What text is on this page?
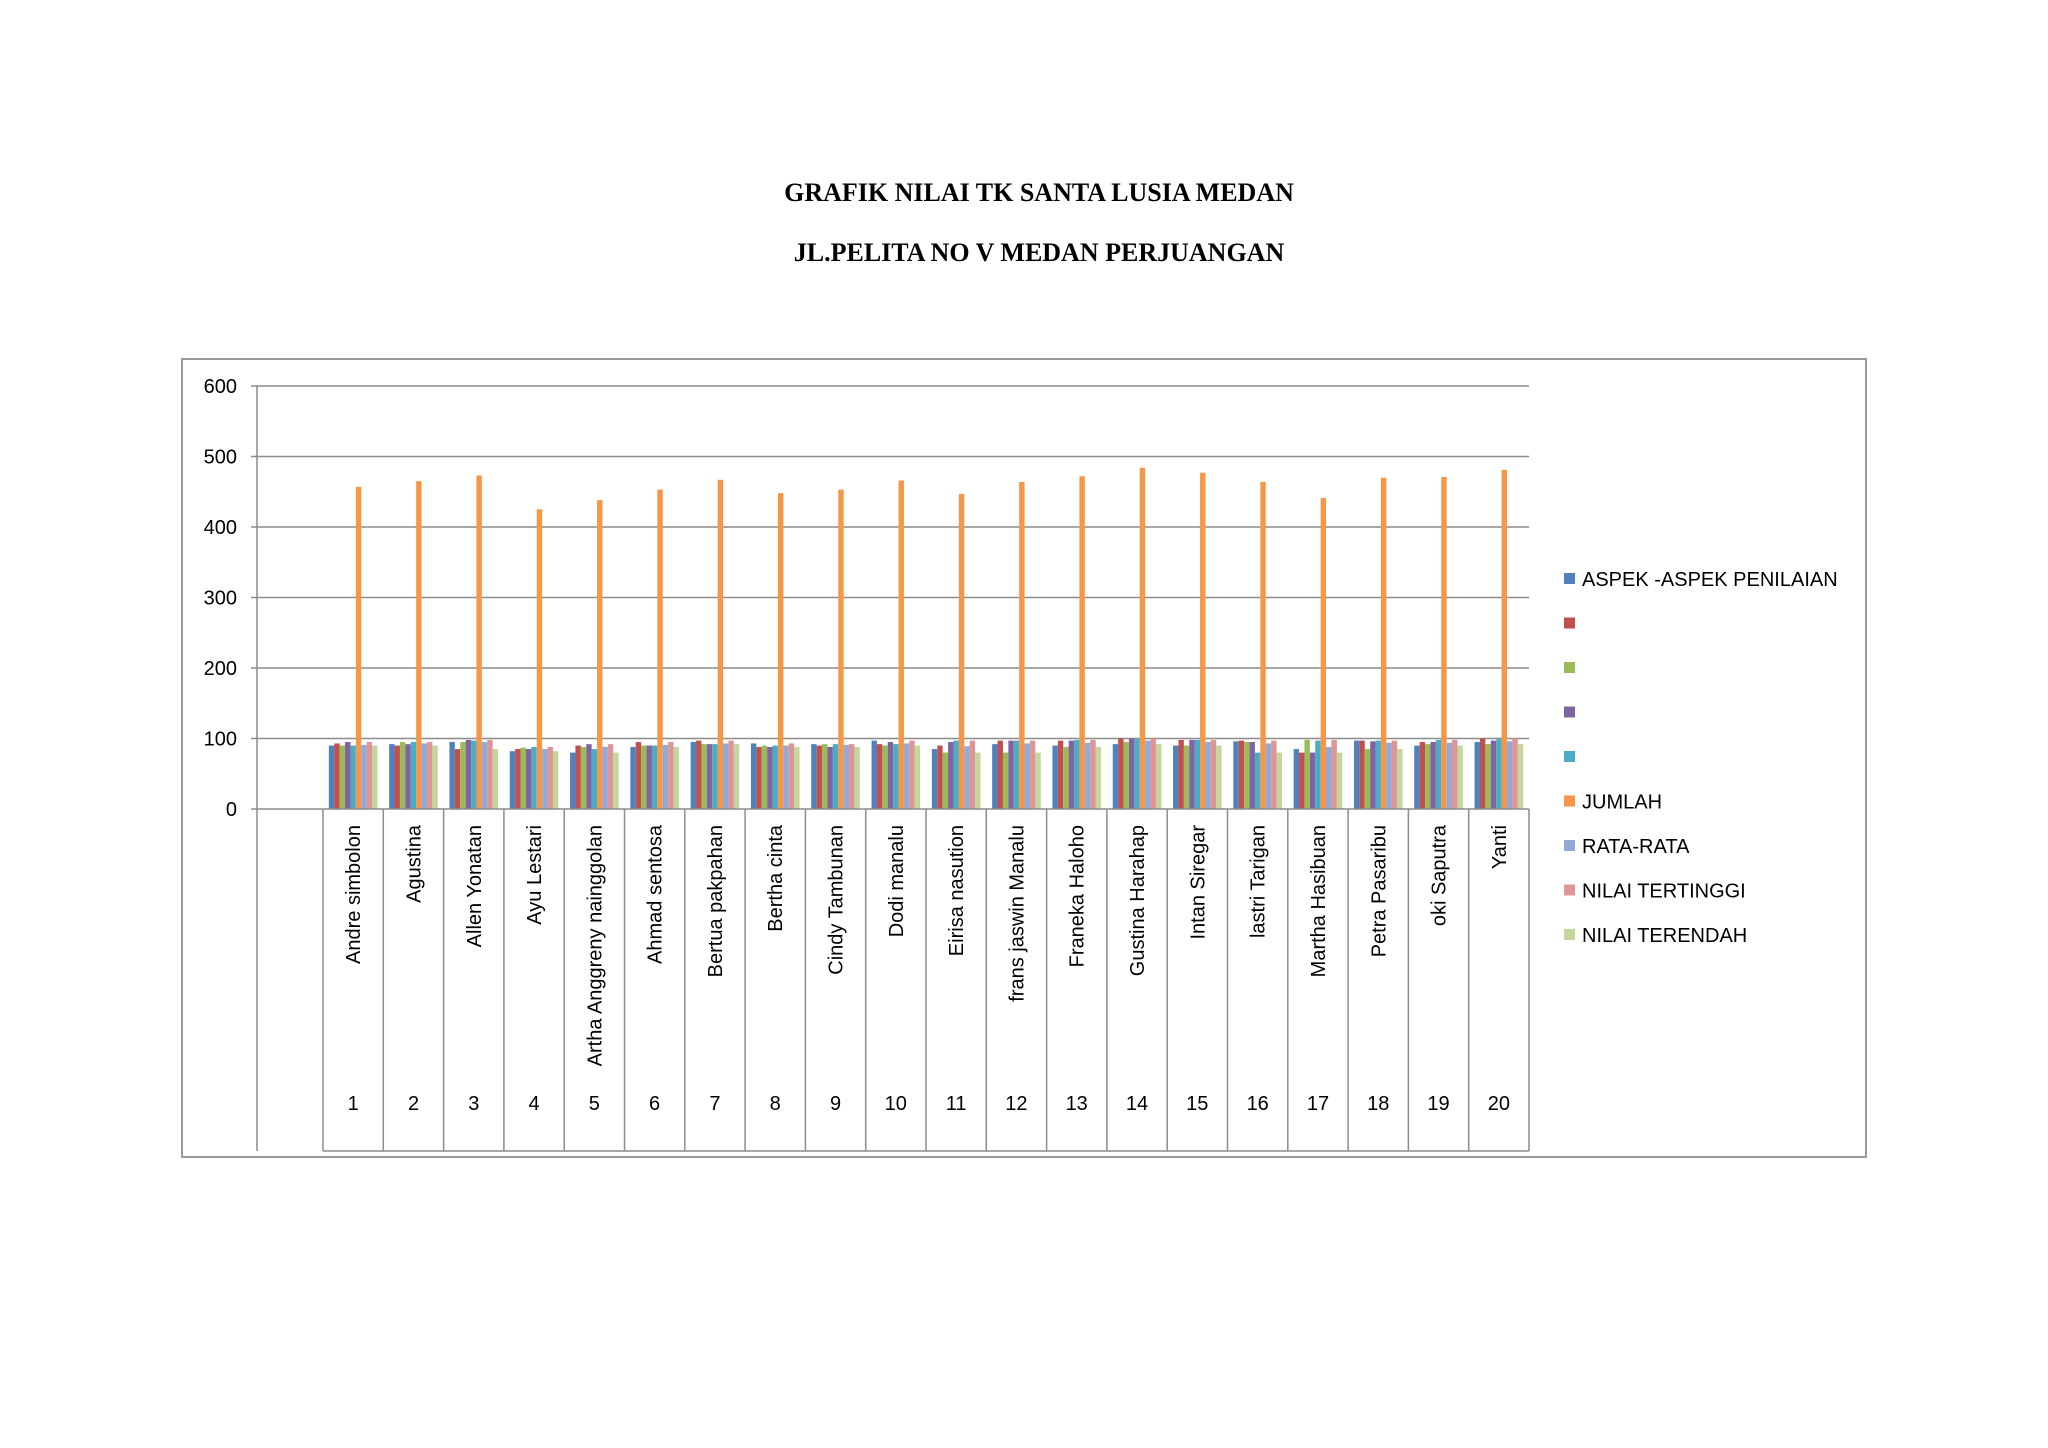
GRAFIK NILAI TK SANTA LUSIA MEDAN
JL.PELITA NO V MEDAN PERJUANGAN
0
100
200
300
400
500
600
Andre simbolon
1
Agustina
2
Allen Yonatan
3
Ayu Lestari
4
Artha Anggreny nainggolan
5
Ahmad sentosa
6
Bertua pakpahan
7
Bertha cinta
8
Cindy Tambunan
9
Dodi manalu
10
Eirisa nasution
11
frans jaswin Manalu
12
Franeka Haloho
13
Gustina Harahap
14
Intan Siregar
15
lastri Tarigan
16
Martha Hasibuan
17
Petra Pasaribu
18
oki Saputra
19
Yanti
20
ASPEK -ASPEK PENILAIAN
JUMLAH
RATA-RATA
NILAI TERTINGGI
NILAI TERENDAH
